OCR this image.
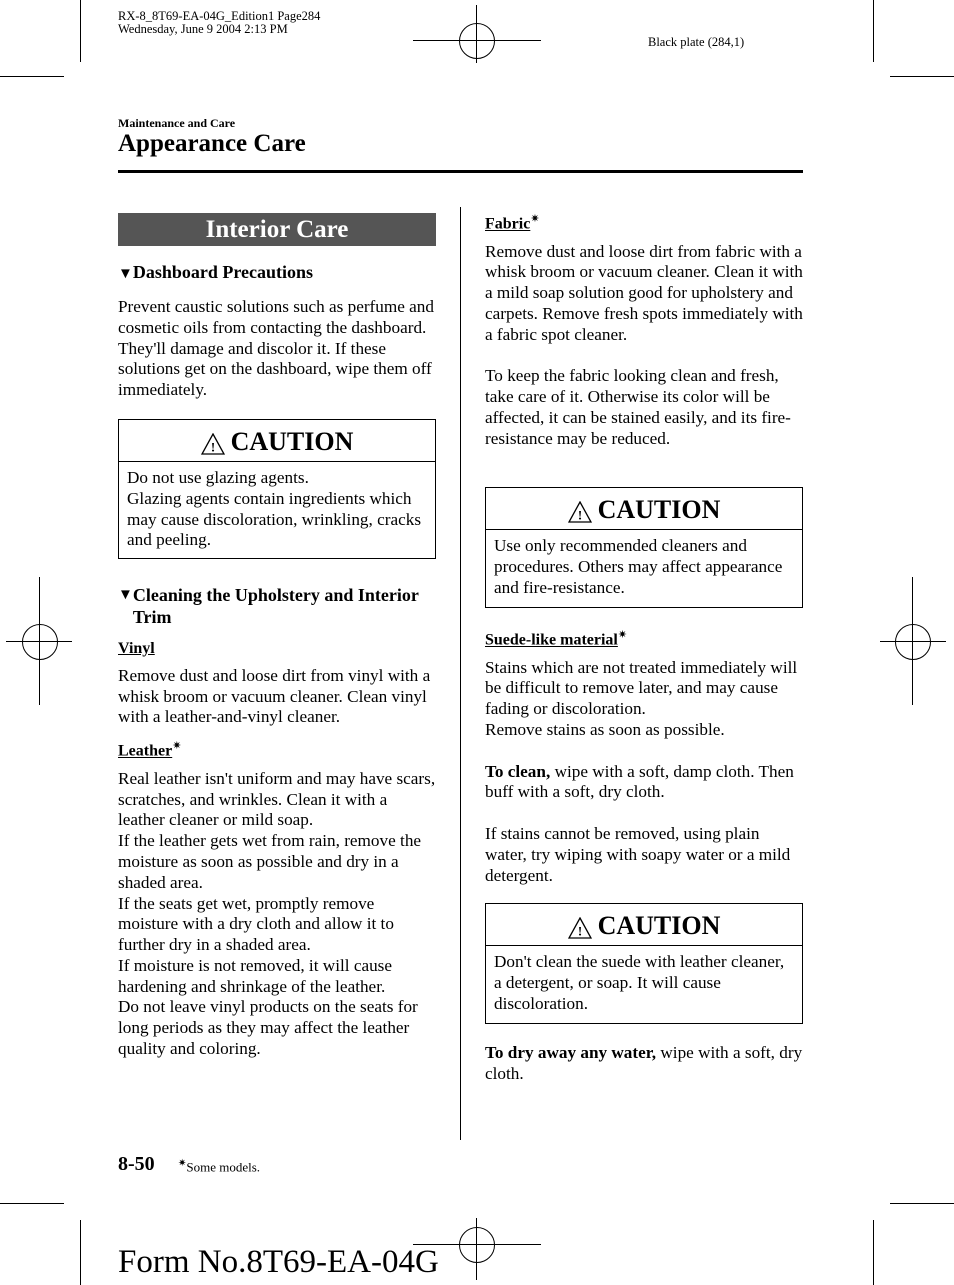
RX-8_8T69-EA-04G_Edition1 Page284
Wednesday, June 9 2004 2:13 PM
Black plate (284,1)
Maintenance and Care
Appearance Care
Interior Care
▼Dashboard Precautions

Prevent caustic solutions such as perfume and cosmetic oils from contacting the dashboard. They'll damage and discolor it. If these solutions get on the dashboard, wipe them off immediately.

! CAUTION
Do not use glazing agents.
Glazing agents contain ingredients which may cause discoloration, wrinkling, cracks and peeling.
▼ Cleaning the Upholstery and Interior Trim
Vinyl

Remove dust and loose dirt from vinyl with a whisk broom or vacuum cleaner. Clean vinyl with a leather-and-vinyl cleaner.

Leather✷

Real leather isn't uniform and may have scars, scratches, and wrinkles. Clean it with a leather cleaner or mild soap.
If the leather gets wet from rain, remove the moisture as soon as possible and dry in a shaded area.
If the seats get wet, promptly remove moisture with a dry cloth and allow it to further dry in a shaded area.
If moisture is not removed, it will cause hardening and shrinkage of the leather.
Do not leave vinyl products on the seats for long periods as they may affect the leather quality and coloring.

Fabric✷

Remove dust and loose dirt from fabric with a whisk broom or vacuum cleaner. Clean it with a mild soap solution good for upholstery and carpets. Remove fresh spots immediately with a fabric spot cleaner.

To keep the fabric looking clean and fresh, take care of it. Otherwise its color will be affected, it can be stained easily, and its fire-resistance may be reduced.

! CAUTION
Use only recommended cleaners and procedures. Others may affect appearance and fire-resistance.
Suede-like material✷

Stains which are not treated immediately will be difficult to remove later, and may cause fading or discoloration.
Remove stains as soon as possible.

To clean, wipe with a soft, damp cloth. Then buff with a soft, dry cloth.

If stains cannot be removed, using plain water, try wiping with soapy water or a mild detergent.

! CAUTION
Don't clean the suede with leather cleaner, a detergent, or soap. It will cause discoloration.

To dry away any water, wipe with a soft, dry cloth.

8-50 ✷Some models.
Form No.8T69-EA-04G
